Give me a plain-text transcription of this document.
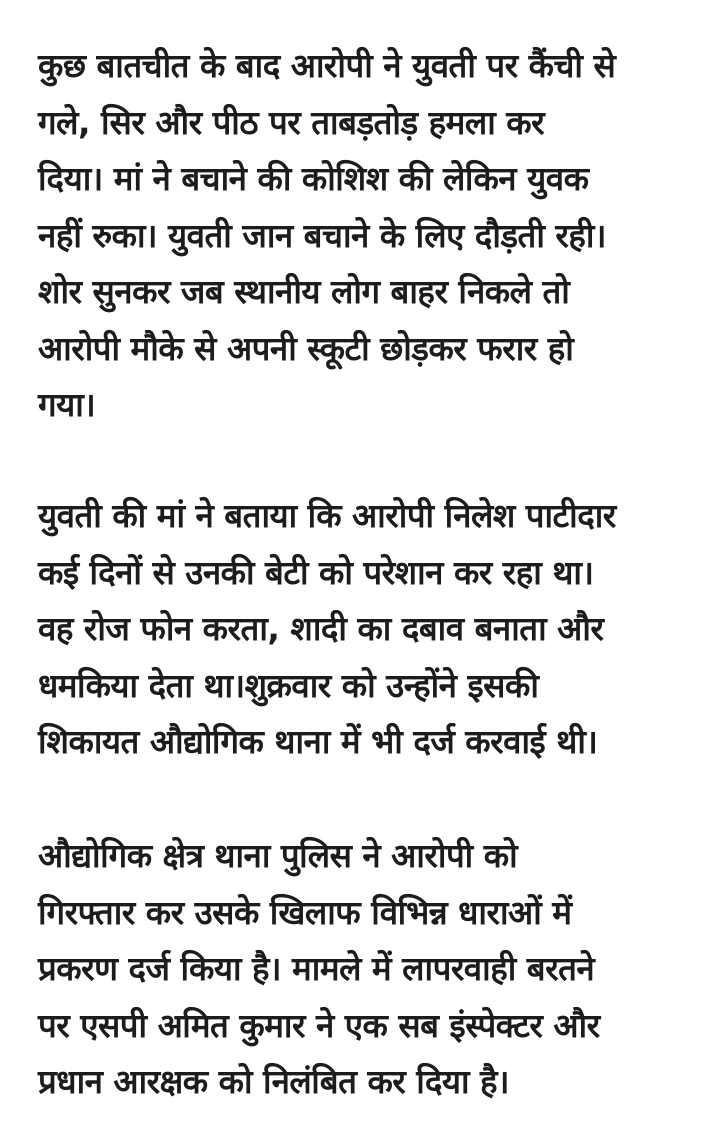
कुछ बातचीत के बाद आरोपी ने युवती पर कैंची से
गले, सिर और पीठ पर ताबड़तोड़ हमला कर
दिया। मां ने बचाने की कोशिश की लेकिन युवक
नहीं रुका। युवती जान बचाने के लिए दौड़ती रही।
शोर सुनकर जब स्थानीय लोग बाहर निकले तो
आरोपी मौके से अपनी स्कूटी छोड़कर फरार हो
गया।

युवती की मां ने बताया कि आरोपी निलेश पाटीदार
कई दिनों से उनकी बेटी को परेशान कर रहा था।
वह रोज फोन करता, शादी का दबाव बनाता और
धमकिया देता था।शुक्रवार को उन्होंने इसकी
शिकायत औद्योगिक थाना में भी दर्ज करवाई थी।

औद्योगिक क्षेत्र थाना पुलिस ने आरोपी को
गिरफ्तार कर उसके खिलाफ विभिन्न धाराओं में
प्रकरण दर्ज किया है। मामले में लापरवाही बरतने
पर एसपी अमित कुमार ने एक सब इंस्पेक्टर और
प्रधान आरक्षक को निलंबित कर दिया है।
